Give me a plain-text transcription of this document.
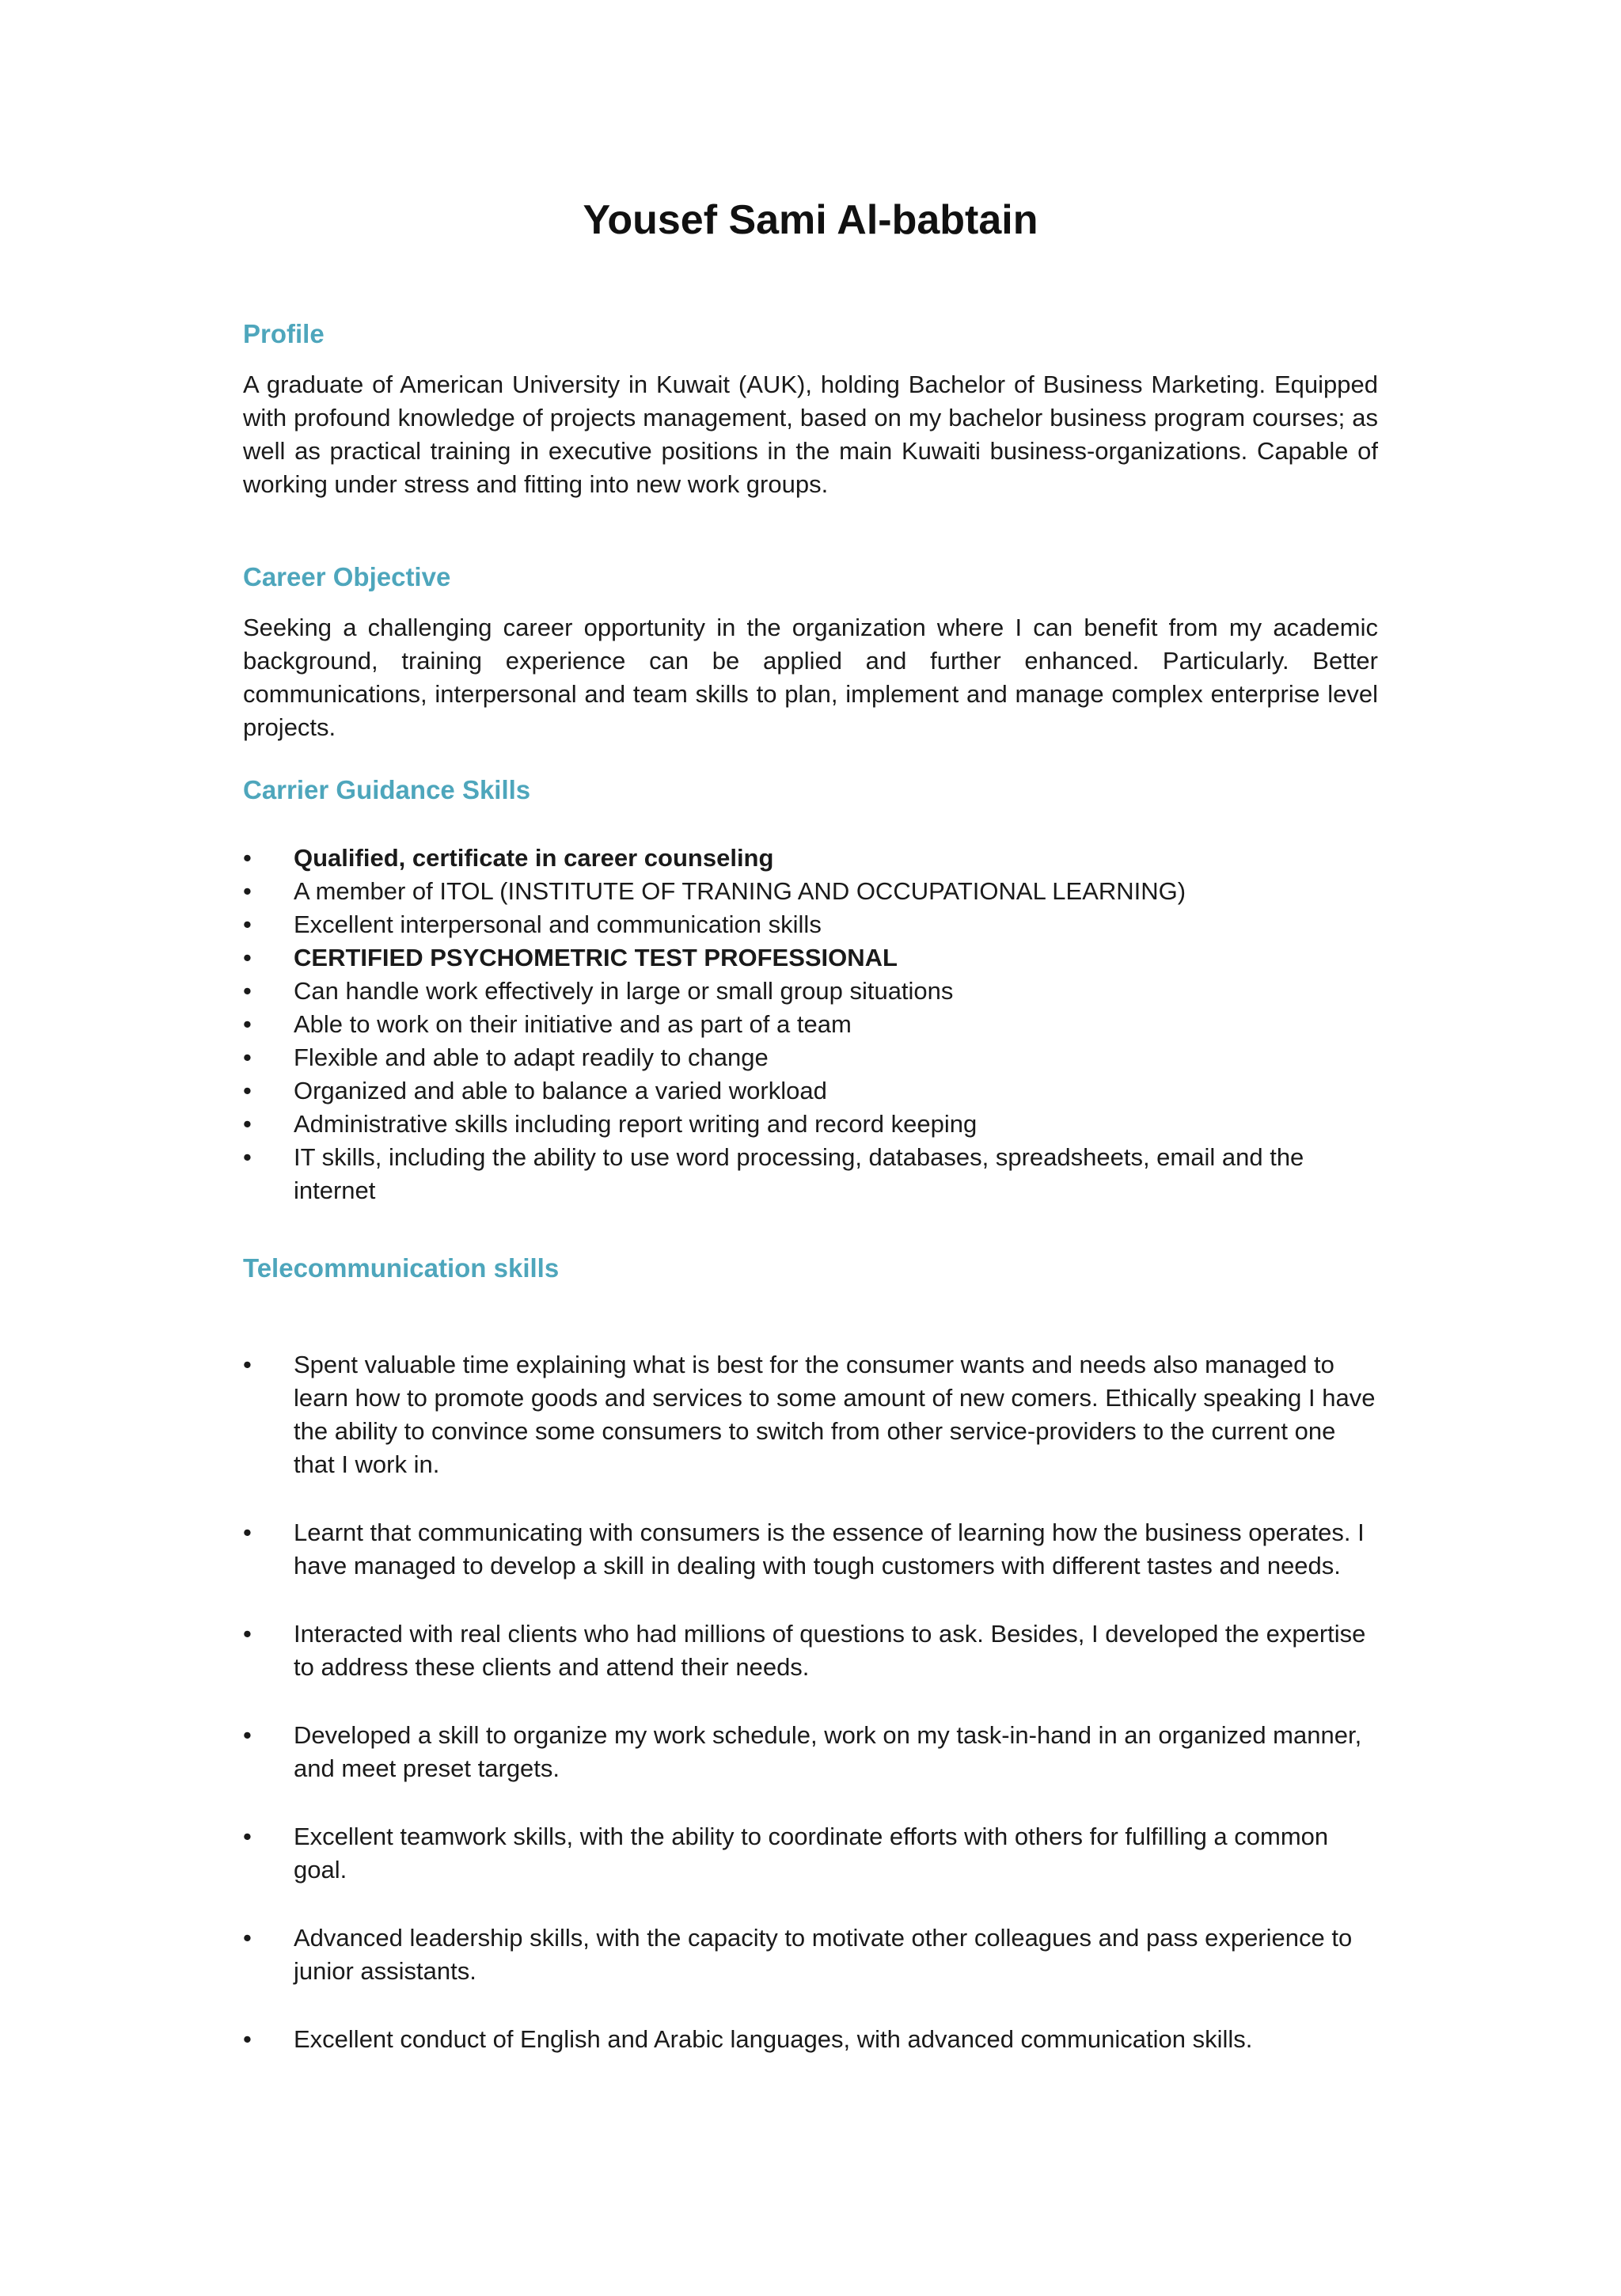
Yousef Sami Al-babtain
Profile

A graduate of American University in Kuwait (AUK), holding Bachelor of Business Marketing. Equipped with profound knowledge of projects management, based on my bachelor business program courses; as well as practical training in executive positions in the main Kuwaiti business-organizations. Capable of working under stress and fitting into new work groups.

Career Objective

Seeking a challenging career opportunity in the organization where I can benefit from my academic background, training experience can be applied and further enhanced. Particularly. Better communications, interpersonal and team skills to plan, implement and manage complex enterprise level projects.

Carrier Guidance Skills
•	Qualified, certificate in career counseling
•	A member of ITOL (INSTITUTE OF TRANING AND OCCUPATIONAL LEARNING)
•	Excellent interpersonal and communication skills
•	CERTIFIED PSYCHOMETRIC TEST PROFESSIONAL
•	Can handle work effectively in large or small group situations
•	Able to work on their initiative and as part of a team
•	Flexible and able to adapt readily to change
•	Organized and able to balance a varied workload
•	Administrative skills including report writing and record keeping
•	IT skills, including the ability to use word processing, databases, spreadsheets, email and the internet
Telecommunication skills
•	Spent valuable time explaining what is best for the consumer wants and needs also managed to learn how to promote goods and services to some amount of new comers. Ethically speaking I have the ability to convince some consumers to switch from other service-providers to the current one that I work in.
•	Learnt that communicating with consumers is the essence of learning how the business operates. I have managed to develop a skill in dealing with tough customers with different tastes and needs.
•	Interacted with real clients who had millions of questions to ask. Besides, I developed the expertise to address these clients and attend their needs.
•	Developed a skill to organize my work schedule, work on my task-in-hand in an organized manner, and meet preset targets.
•	Excellent teamwork skills, with the ability to coordinate efforts with others for fulfilling a common goal.
•	Advanced leadership skills, with the capacity to motivate other colleagues and pass experience to junior assistants.
•	Excellent conduct of English and Arabic languages, with advanced communication skills.
